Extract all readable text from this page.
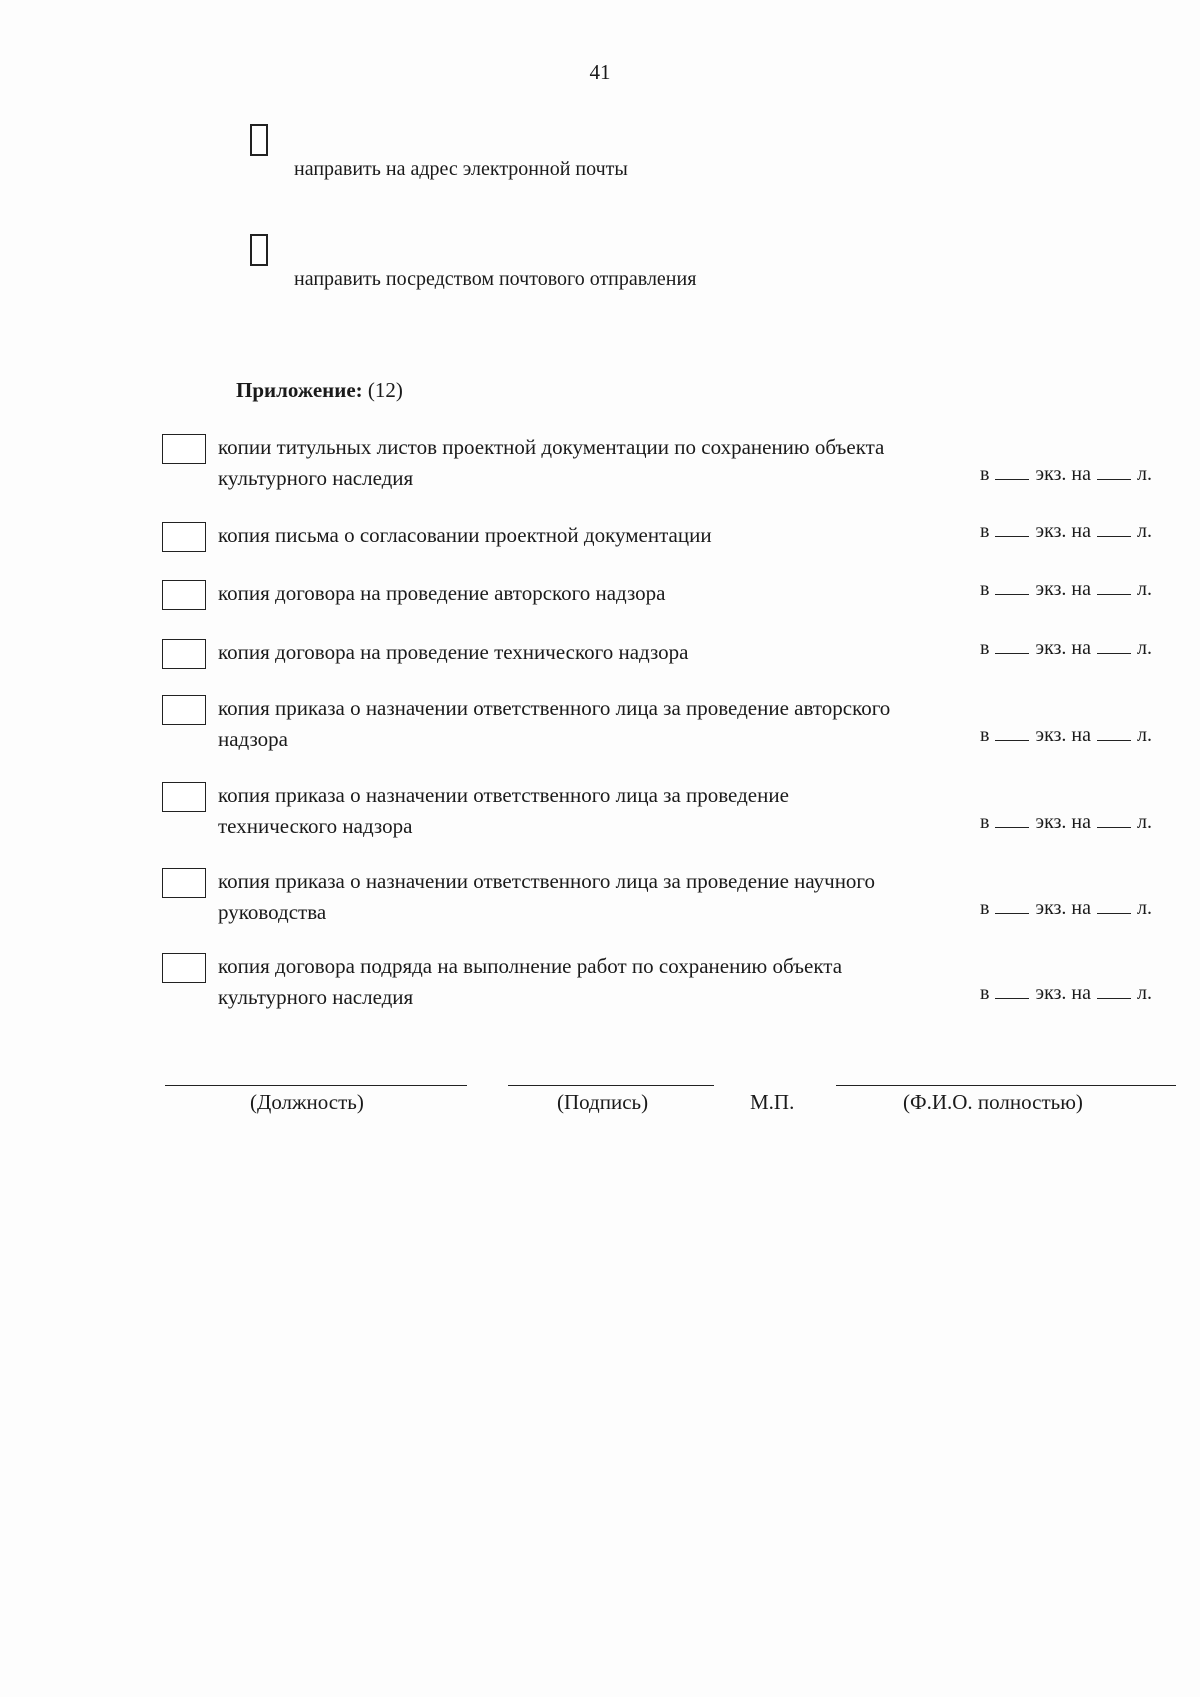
41
направить на адрес электронной почты
направить посредством почтового отправления
Приложение: (12)
копии титульных листов проектной документации по сохранению объекта культурного наследия	в экз. на л.
копия письма о согласовании проектной документации	в экз. на л.
копия договора на проведение авторского надзора	в экз. на л.
копия договора на проведение технического надзора	в экз. на л.
копия приказа о назначении ответственного лица за проведение авторского надзора	в экз. на л.
копия приказа о назначении ответственного лица за проведение технического надзора	в экз. на л.
копия приказа о назначении ответственного лица за проведение научного руководства	в экз. на л.
копия договора подряда на выполнение работ по сохранению объекта культурного наследия	в экз. на л.
(Должность)	(Подпись)	М.П.	(Ф.И.О. полностью)
